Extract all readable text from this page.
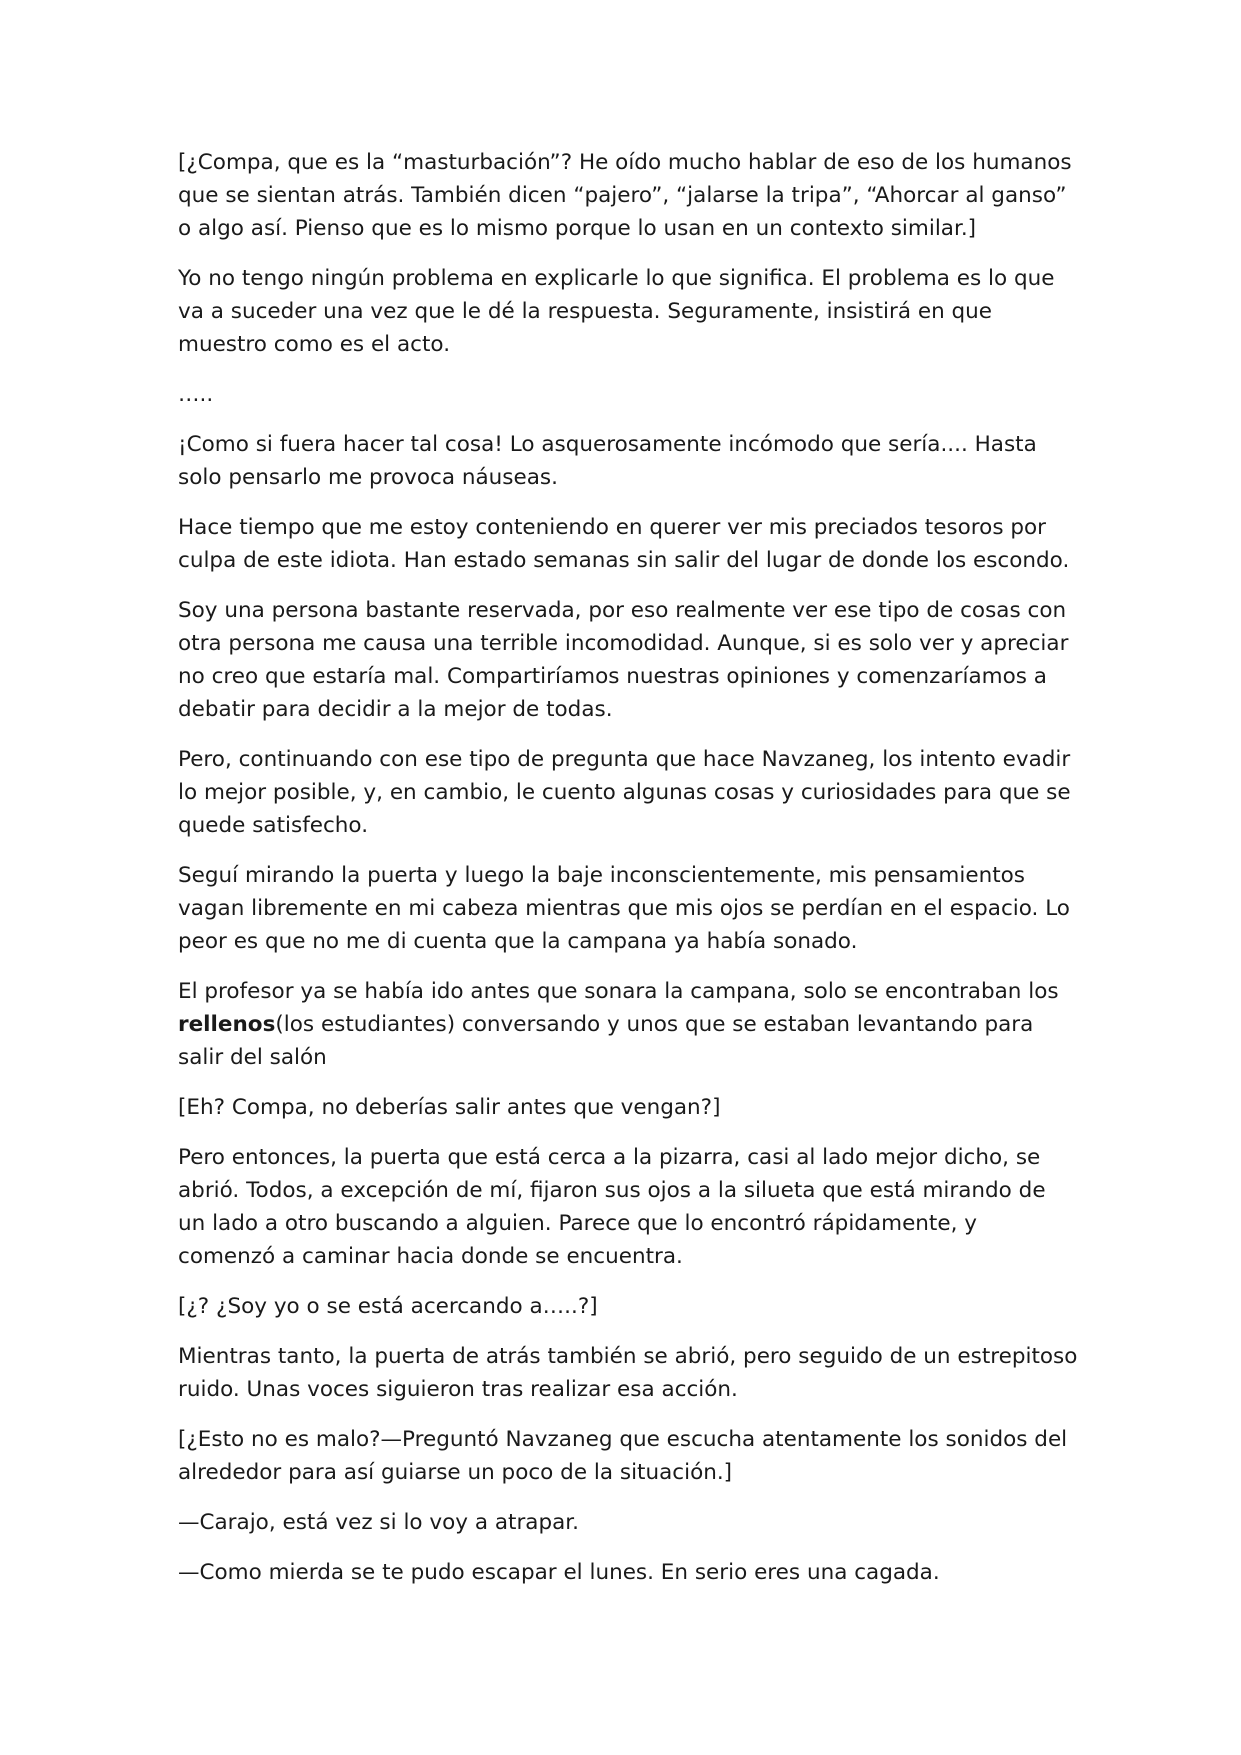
[¿Compa, que es la “masturbación”? He oído mucho hablar de eso de los humanos que se sientan atrás. También dicen “pajero”, “jalarse la tripa”, “Ahorcar al ganso” o algo así. Pienso que es lo mismo porque lo usan en un contexto similar.]

Yo no tengo ningún problema en explicarle lo que significa. El problema es lo que va a suceder una vez que le dé la respuesta. Seguramente, insistirá en que muestro como es el acto.

…..

¡Como si fuera hacer tal cosa! Lo asquerosamente incómodo que sería.... Hasta solo pensarlo me provoca náuseas.

Hace tiempo que me estoy conteniendo en querer ver mis preciados tesoros por culpa de este idiota. Han estado semanas sin salir del lugar de donde los escondo.

Soy una persona bastante reservada, por eso realmente ver ese tipo de cosas con otra persona me causa una terrible incomodidad. Aunque, si es solo ver y apreciar no creo que estaría mal. Compartiríamos nuestras opiniones y comenzaríamos a debatir para decidir a la mejor de todas.

Pero, continuando con ese tipo de pregunta que hace Navzaneg, los intento evadir lo mejor posible, y, en cambio, le cuento algunas cosas y curiosidades para que se quede satisfecho.

Seguí mirando la puerta y luego la baje inconscientemente, mis pensamientos vagan libremente en mi cabeza mientras que mis ojos se perdían en el espacio. Lo peor es que no me di cuenta que la campana ya había sonado.

El profesor ya se había ido antes que sonara la campana, solo se encontraban los rellenos(los estudiantes) conversando y unos que se estaban levantando para salir del salón

[Eh? Compa, no deberías salir antes que vengan?]

Pero entonces, la puerta que está cerca a la pizarra, casi al lado mejor dicho, se abrió. Todos, a excepción de mí, fijaron sus ojos a la silueta que está mirando de un lado a otro buscando a alguien. Parece que lo encontró rápidamente, y comenzó a caminar hacia donde se encuentra.

[¿? ¿Soy yo o se está acercando a…..?]

Mientras tanto, la puerta de atrás también se abrió, pero seguido de un estrepitoso ruido. Unas voces siguieron tras realizar esa acción.

[¿Esto no es malo?—Preguntó Navzaneg que escucha atentamente los sonidos del alrededor para así guiarse un poco de la situación.]

—Carajo, está vez si lo voy a atrapar.

—Como mierda se te pudo escapar el lunes. En serio eres una cagada.
